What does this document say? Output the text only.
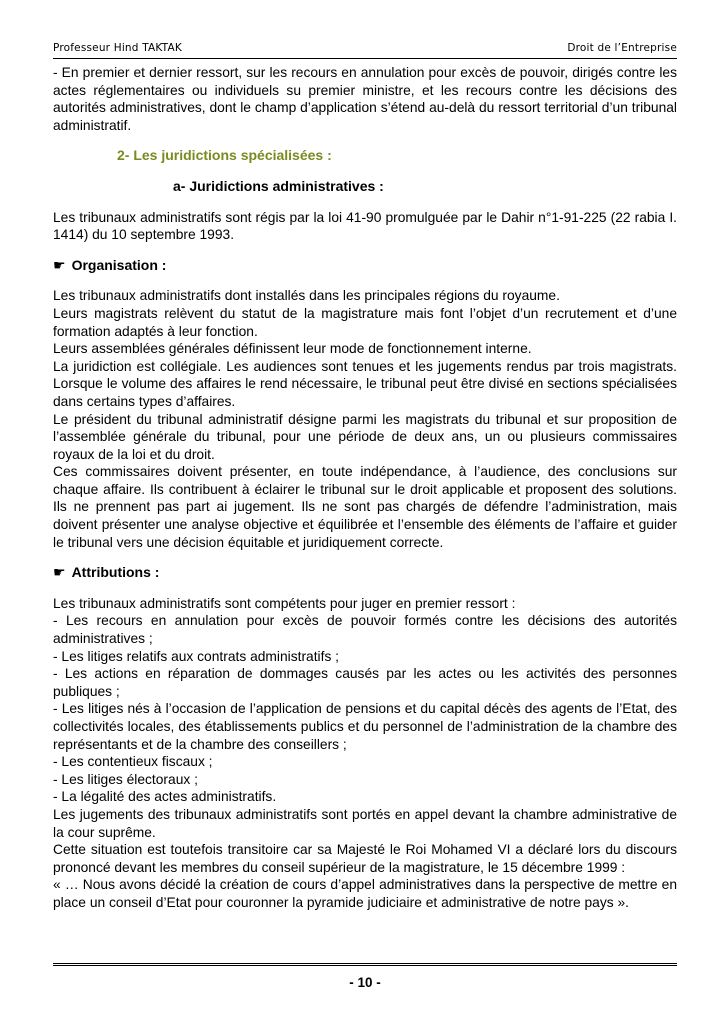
Professeur Hind TAKTAK	Droit de l’Entreprise

- En premier et dernier ressort, sur les recours en annulation pour excès de pouvoir, dirigés contre les actes réglementaires ou individuels su premier ministre, et les recours contre les décisions des autorités administratives, dont le champ d’application s’étend au-delà du ressort territorial d’un tribunal administratif.

2- Les juridictions spécialisées :

a- Juridictions administratives :

Les tribunaux administratifs sont régis par la loi 41-90 promulguée par le Dahir n°1-91-225 (22 rabia I. 1414) du 10 septembre 1993.

☛ Organisation :

Les tribunaux administratifs dont installés dans les principales régions du royaume.

Leurs magistrats relèvent du statut de la magistrature mais font l’objet d’un recrutement et d’une formation adaptés à leur fonction.

Leurs assemblées générales définissent leur mode de fonctionnement interne.

La juridiction est collégiale. Les audiences sont tenues et les jugements rendus par trois magistrats. Lorsque le volume des affaires le rend nécessaire, le tribunal peut être divisé en sections spécialisées dans certains types d’affaires.

Le président du tribunal administratif désigne parmi les magistrats du tribunal et sur proposition de l’assemblée générale du tribunal, pour une période de deux ans, un ou plusieurs commissaires royaux de la loi et du droit.

Ces commissaires doivent présenter, en toute indépendance, à l’audience, des conclusions sur chaque affaire. Ils contribuent à éclairer le tribunal sur le droit applicable et proposent des solutions. Ils ne prennent pas part ai jugement. Ils ne sont pas chargés de défendre l’administration, mais doivent présenter une analyse objective et équilibrée et l’ensemble des éléments de l’affaire et guider le tribunal vers une décision équitable et juridiquement correcte.

☛ Attributions :

Les tribunaux administratifs sont compétents pour juger en premier ressort :

- Les recours en annulation pour excès de pouvoir formés contre les décisions des autorités administratives ;

- Les litiges relatifs aux contrats administratifs ;

- Les actions en réparation de dommages causés par les actes ou les activités des personnes publiques ;

- Les litiges nés à l’occasion de l’application de pensions et du capital décès des agents de l’Etat, des collectivités locales, des établissements publics et du personnel de l’administration de la chambre des représentants et de la chambre des conseillers ;

- Les contentieux fiscaux ;

- Les litiges électoraux ;

- La légalité des actes administratifs.

Les jugements des tribunaux administratifs sont portés en appel devant la chambre administrative de la cour suprême.

Cette situation est toutefois transitoire car sa Majesté le Roi Mohamed VI a déclaré lors du discours prononcé devant les membres du conseil supérieur de la magistrature, le 15 décembre 1999 :

« … Nous avons décidé la création de cours d’appel administratives dans la perspective de mettre en place un conseil d’Etat pour couronner la pyramide judiciaire et administrative de notre pays ».

- 10 -
